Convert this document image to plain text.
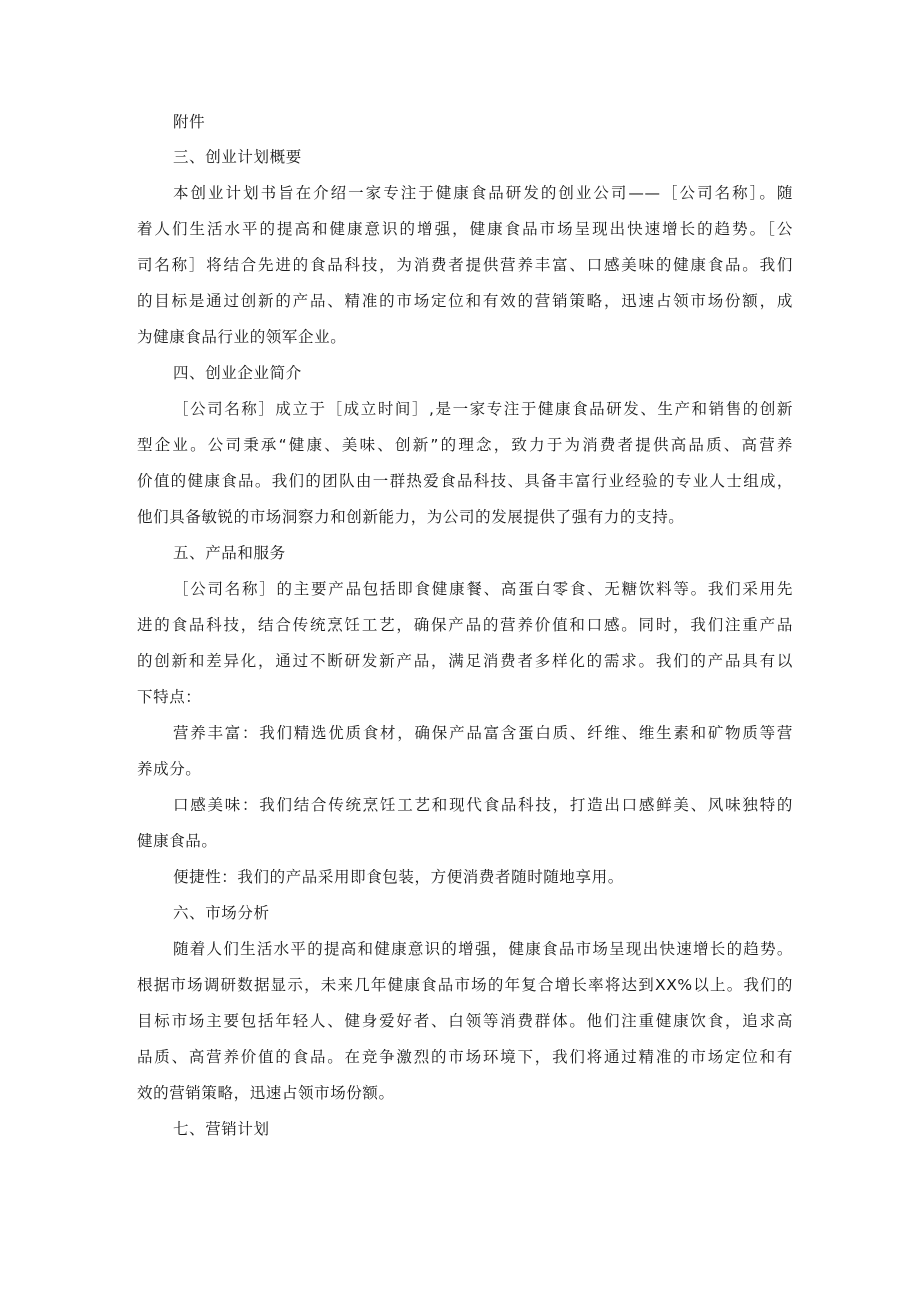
附件

三、创业计划概要

本创业计划书旨在介绍一家专注于健康食品研发的创业公司——［公司名称］。随
着人们生活水平的提高和健康意识的增强，健康食品市场呈现出快速增长的趋势。［公
司名称］将结合先进的食品科技，为消费者提供营养丰富、口感美味的健康食品。我们
的目标是通过创新的产品、精准的市场定位和有效的营销策略，迅速占领市场份额，成
为健康食品行业的领军企业。

四、创业企业简介

［公司名称］成立于［成立时间］,是一家专注于健康食品研发、生产和销售的创新
型企业。公司秉承“健康、美味、创新”的理念，致力于为消费者提供高品质、高营养
价值的健康食品。我们的团队由一群热爱食品科技、具备丰富行业经验的专业人士组成，
他们具备敏锐的市场洞察力和创新能力，为公司的发展提供了强有力的支持。

五、产品和服务

［公司名称］的主要产品包括即食健康餐、高蛋白零食、无糖饮料等。我们采用先
进的食品科技，结合传统烹饪工艺，确保产品的营养价值和口感。同时，我们注重产品
的创新和差异化，通过不断研发新产品，满足消费者多样化的需求。我们的产品具有以
下特点：
营养丰富：我们精选优质食材，确保产品富含蛋白质、纤维、维生素和矿物质等营
养成分。
口感美味：我们结合传统烹饪工艺和现代食品科技，打造出口感鲜美、风味独特的
健康食品。
便捷性：我们的产品采用即食包装，方便消费者随时随地享用。

六、市场分析

随着人们生活水平的提高和健康意识的增强，健康食品市场呈现出快速增长的趋势。
根据市场调研数据显示，未来几年健康食品市场的年复合增长率将达到XX%以上。我们的
目标市场主要包括年轻人、健身爱好者、白领等消费群体。他们注重健康饮食，追求高
品质、高营养价值的食品。在竞争激烈的市场环境下，我们将通过精准的市场定位和有
效的营销策略，迅速占领市场份额。

七、营销计划
